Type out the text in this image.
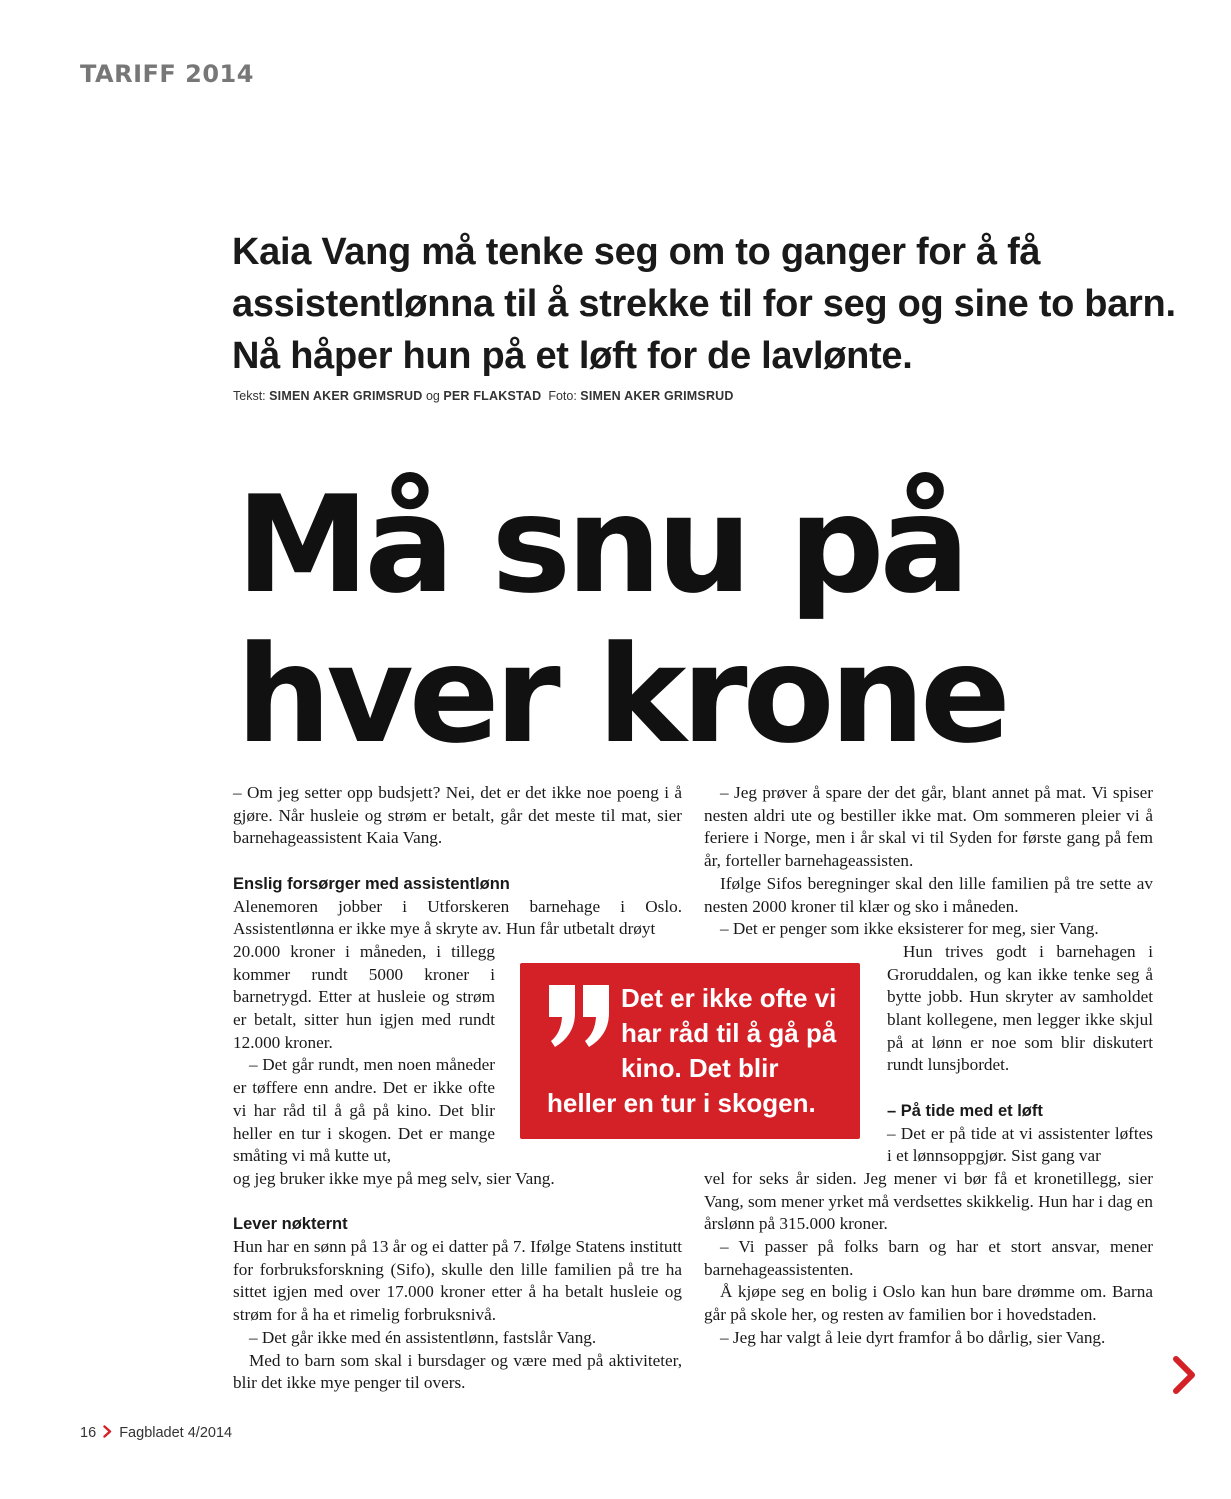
TARIFF 2014

Kaia Vang må tenke seg om to ganger for å få

assistentlønna til å strekke til for seg og sine to barn.

Nå håper hun på et løft for de lavlønte.

Tekst: SIMEN AKER GRIMSRUD og PER FLAKSTAD Foto: SIMEN AKER GRIMSRUD

Må snu på

hver krone

– Om jeg setter opp budsjett? Nei, det er det ikke noe poeng i å gjøre. Når husleie og strøm er betalt, går det meste til mat, sier barnehageassistent Kaia Vang.

Enslig forsørger med assistentlønn

Alenemoren jobber i Utforskeren barnehage i Oslo. Assistentlønna er ikke mye å skryte av. Hun får utbetalt drøyt

20.000 kroner i måneden, i tillegg kommer rundt 5000 kroner i barnetrygd. Etter at husleie og strøm er betalt, sitter hun igjen med rundt 12.000 kroner.

– Det går rundt, men noen måneder er tøffere enn andre. Det er ikke ofte vi har råd til å gå på kino. Det blir heller en tur i skogen. Det er mange småting vi må kutte ut,

og jeg bruker ikke mye på meg selv, sier Vang.

Lever nøkternt

Hun har en sønn på 13 år og ei datter på 7. Ifølge Statens institutt for forbruksforskning (Sifo), skulle den lille familien på tre ha sittet igjen med over 17.000 kroner etter å ha betalt husleie og strøm for å ha et rimelig forbruksnivå.

– Det går ikke med én assistentlønn, fastslår Vang.

Med to barn som skal i bursdager og være med på aktiviteter, blir det ikke mye penger til overs.

– Jeg prøver å spare der det går, blant annet på mat. Vi spiser nesten aldri ute og bestiller ikke mat. Om sommeren pleier vi å feriere i Norge, men i år skal vi til Syden for første gang på fem år, forteller barnehageassisten.

Ifølge Sifos beregninger skal den lille familien på tre sette av nesten 2000 kroner til klær og sko i måneden.

– Det er penger som ikke eksisterer for meg, sier Vang.

Hun trives godt i barnehagen i Groruddalen, og kan ikke tenke seg å bytte jobb. Hun skryter av samholdet blant kollegene, men legger ikke skjul på at lønn er noe som blir diskutert rundt lunsjbordet.

– På tide med et løft

– Det er på tide at vi assistenter løftes i et lønnsoppgjør. Sist gang var

vel for seks år siden. Jeg mener vi bør få et kronetillegg, sier Vang, som mener yrket må verdsettes skikkelig. Hun har i dag en årslønn på 315.000 kroner.

– Vi passer på folks barn og har et stort ansvar, mener barnehageassistenten.

Å kjøpe seg en bolig i Oslo kan hun bare drømme om. Barna går på skole her, og resten av familien bor i hovedstaden.

– Jeg har valgt å leie dyrt framfor å bo dårlig, sier Vang.

Det er ikke ofte vi har råd til å gå på kino. Det blir heller en tur i skogen.
16 Fagbladet 4/2014
